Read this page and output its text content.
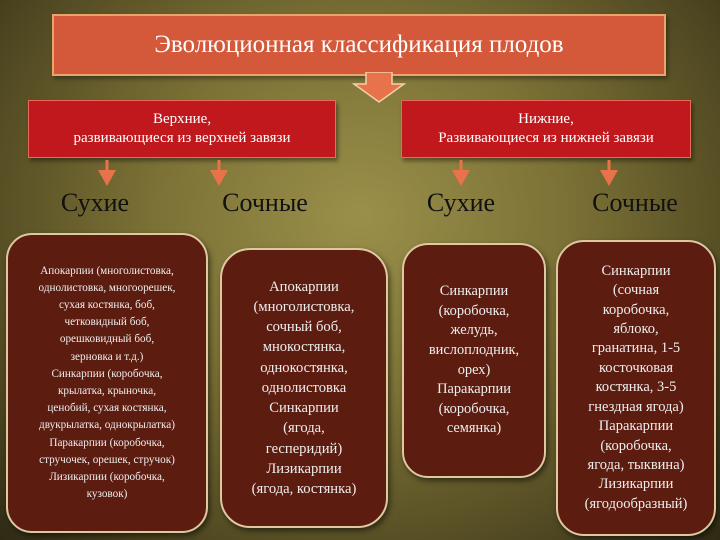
Эволюционная классификация плодов
Верхние,
развивающиеся из верхней завязи
Нижние,
Развивающиеся из нижней завязи
Сухие	Сочные	Сухие	Сочные
Апокарпии (многолистовка,
однолистовка, многоорешек,
сухая костянка, боб,
четковидный боб,
орешковидный боб,
зерновка и т.д.)
Синкарпии (коробочка,
крылатка, крыночка,
ценобий, сухая костянка,
двукрылатка, однокрылатка)
Паракарпии (коробочка,
стручочек, орешек, стручок)
Лизикарпии (коробочка,
кузовок)
Апокарпии
(многолистовка,
сочный боб,
мнокостянка,
однокостянка,
однолистовка
Синкарпии
(ягода,
гесперидий)
Лизикарпии
(ягода, костянка)
Синкарпии
(коробочка,
желудь,
вислоплодник,
орех)
Паракарпии
(коробочка,
семянка)
Синкарпии
(сочная
коробочка,
яблоко,
гранатина, 1-5
косточковая
костянка, 3-5
гнездная ягода)
Паракарпии
(коробочка,
ягода, тыквина)
Лизикарпии
(ягодообразный)
